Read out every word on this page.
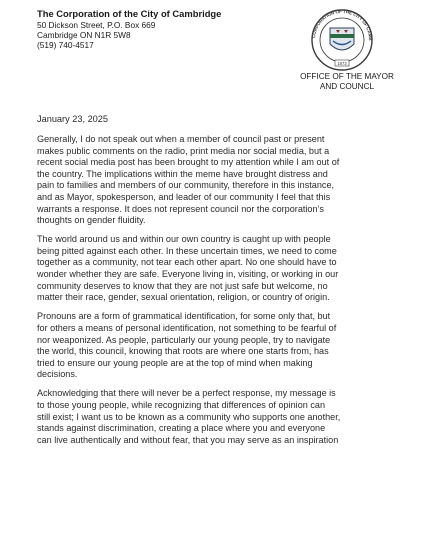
The Corporation of the City of Cambridge
50 Dickson Street, P.O. Box 669
Cambridge ON N1R 5W8
(519) 740-4517
CORPORATION OF THE CITY OF CAMB
1973
OFFICE OF THE MAYOR
AND COUNCL
January 23, 2025
Generally, I do not speak out when a member of council past or present
makes public comments on the radio, print media nor social media, but a
recent social media post has been brought to my attention while I am out of
the country. The implications within the meme have brought distress and
pain to families and members of our community, therefore in this instance,
and as Mayor, spokesperson, and leader of our community I feel that this
warrants a response. It does not represent council nor the corporation’s
thoughts on gender fluidity.
The world around us and within our own country is caught up with people
being pitted against each other. In these uncertain times, we need to come
together as a community, not tear each other apart. No one should have to
wonder whether they are safe. Everyone living in, visiting, or working in our
community deserves to know that they are not just safe but welcome, no
matter their race, gender, sexual orientation, religion, or country of origin.
Pronouns are a form of grammatical identification, for some only that, but
for others a means of personal identification, not something to be fearful of
nor weaponized. As people, particularly our young people, try to navigate
the world, this council, knowing that roots are where one starts from, has
tried to ensure our young people are at the top of mind when making
decisions.
Acknowledging that there will never be a perfect response, my message is
to those young people, while recognizing that differences of opinion can
still exist; I want us to be known as a community who supports one another,
stands against discrimination, creating a place where you and everyone
can live authentically and without fear, that you may serve as an inspiration
